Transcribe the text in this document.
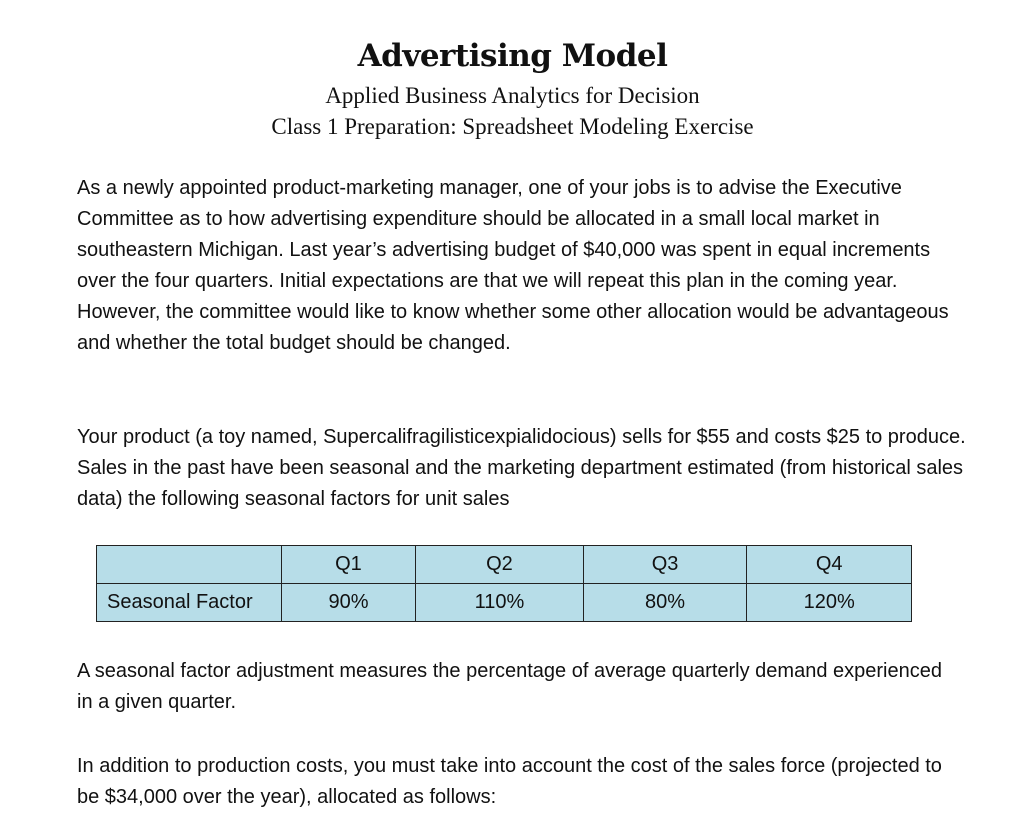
Advertising Model
Applied Business Analytics for Decision
Class 1 Preparation: Spreadsheet Modeling Exercise

As a newly appointed product-marketing manager, one of your jobs is to advise the Executive Committee as to how advertising expenditure should be allocated in a small local market in southeastern Michigan. Last year’s advertising budget of $40,000 was spent in equal increments over the four quarters. Initial expectations are that we will repeat this plan in the coming year. However, the committee would like to know whether some other allocation would be advantageous and whether the total budget should be changed.

Your product (a toy named, Supercalifragilisticexpialidocious) sells for $55 and costs $25 to produce. Sales in the past have been seasonal and the marketing department estimated (from historical sales data) the following seasonal factors for unit sales

	Q1	Q2	Q3	Q4
Seasonal Factor	90%	110%	80%	120%

A seasonal factor adjustment measures the percentage of average quarterly demand experienced in a given quarter.

In addition to production costs, you must take into account the cost of the sales force (projected to be $34,000 over the year), allocated as follows:
